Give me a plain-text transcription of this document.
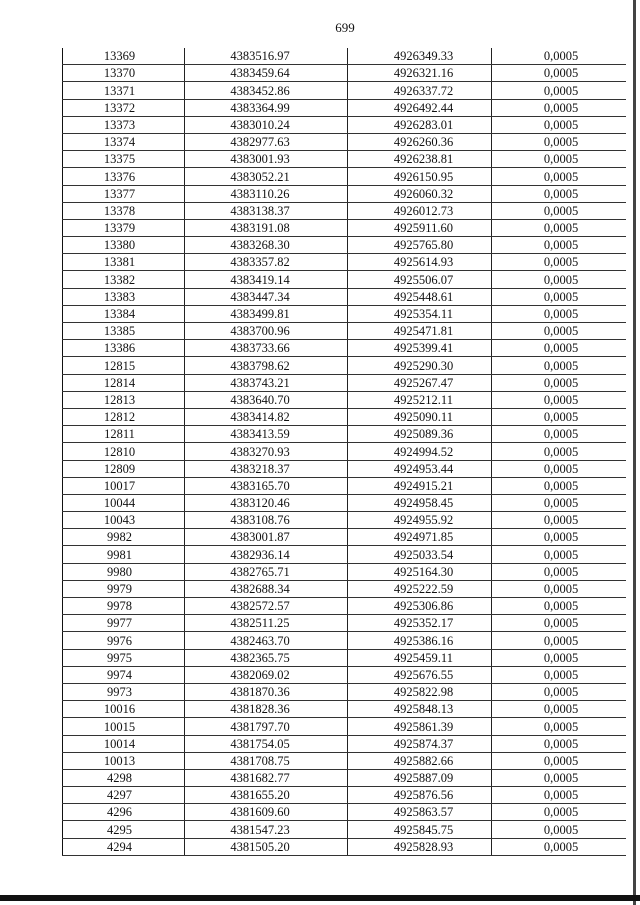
699
13369	4383516.97	4926349.33	0,0005
13370	4383459.64	4926321.16	0,0005
13371	4383452.86	4926337.72	0,0005
13372	4383364.99	4926492.44	0,0005
13373	4383010.24	4926283.01	0,0005
13374	4382977.63	4926260.36	0,0005
13375	4383001.93	4926238.81	0,0005
13376	4383052.21	4926150.95	0,0005
13377	4383110.26	4926060.32	0,0005
13378	4383138.37	4926012.73	0,0005
13379	4383191.08	4925911.60	0,0005
13380	4383268.30	4925765.80	0,0005
13381	4383357.82	4925614.93	0,0005
13382	4383419.14	4925506.07	0,0005
13383	4383447.34	4925448.61	0,0005
13384	4383499.81	4925354.11	0,0005
13385	4383700.96	4925471.81	0,0005
13386	4383733.66	4925399.41	0,0005
12815	4383798.62	4925290.30	0,0005
12814	4383743.21	4925267.47	0,0005
12813	4383640.70	4925212.11	0,0005
12812	4383414.82	4925090.11	0,0005
12811	4383413.59	4925089.36	0,0005
12810	4383270.93	4924994.52	0,0005
12809	4383218.37	4924953.44	0,0005
10017	4383165.70	4924915.21	0,0005
10044	4383120.46	4924958.45	0,0005
10043	4383108.76	4924955.92	0,0005
9982	4383001.87	4924971.85	0,0005
9981	4382936.14	4925033.54	0,0005
9980	4382765.71	4925164.30	0,0005
9979	4382688.34	4925222.59	0,0005
9978	4382572.57	4925306.86	0,0005
9977	4382511.25	4925352.17	0,0005
9976	4382463.70	4925386.16	0,0005
9975	4382365.75	4925459.11	0,0005
9974	4382069.02	4925676.55	0,0005
9973	4381870.36	4925822.98	0,0005
10016	4381828.36	4925848.13	0,0005
10015	4381797.70	4925861.39	0,0005
10014	4381754.05	4925874.37	0,0005
10013	4381708.75	4925882.66	0,0005
4298	4381682.77	4925887.09	0,0005
4297	4381655.20	4925876.56	0,0005
4296	4381609.60	4925863.57	0,0005
4295	4381547.23	4925845.75	0,0005
4294	4381505.20	4925828.93	0,0005
